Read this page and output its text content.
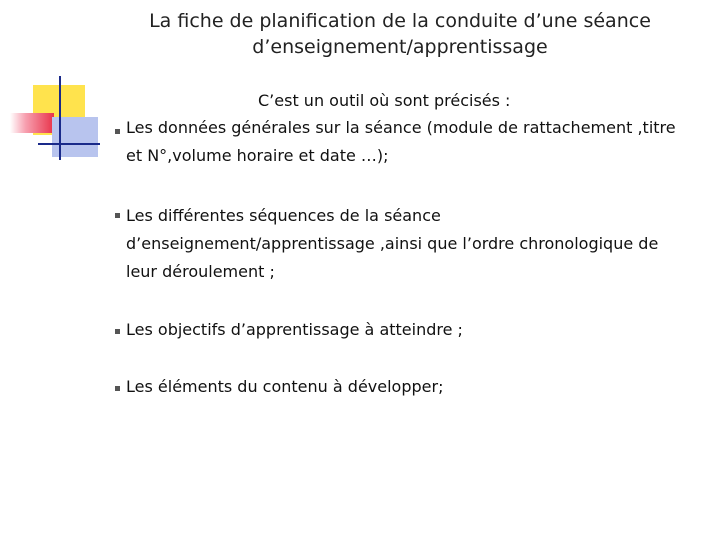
La fiche de planification de la conduite d’une séance d’enseignement/apprentissage
C’est un outil où sont précisés :
Les données générales sur la séance (module de rattachement ,titre et N°,volume horaire et date …);
Les différentes séquences de la séance d’enseignement/apprentissage ,ainsi que l’ordre chronologique de leur déroulement ;
Les objectifs d’apprentissage à atteindre ;
Les éléments du contenu à développer;
